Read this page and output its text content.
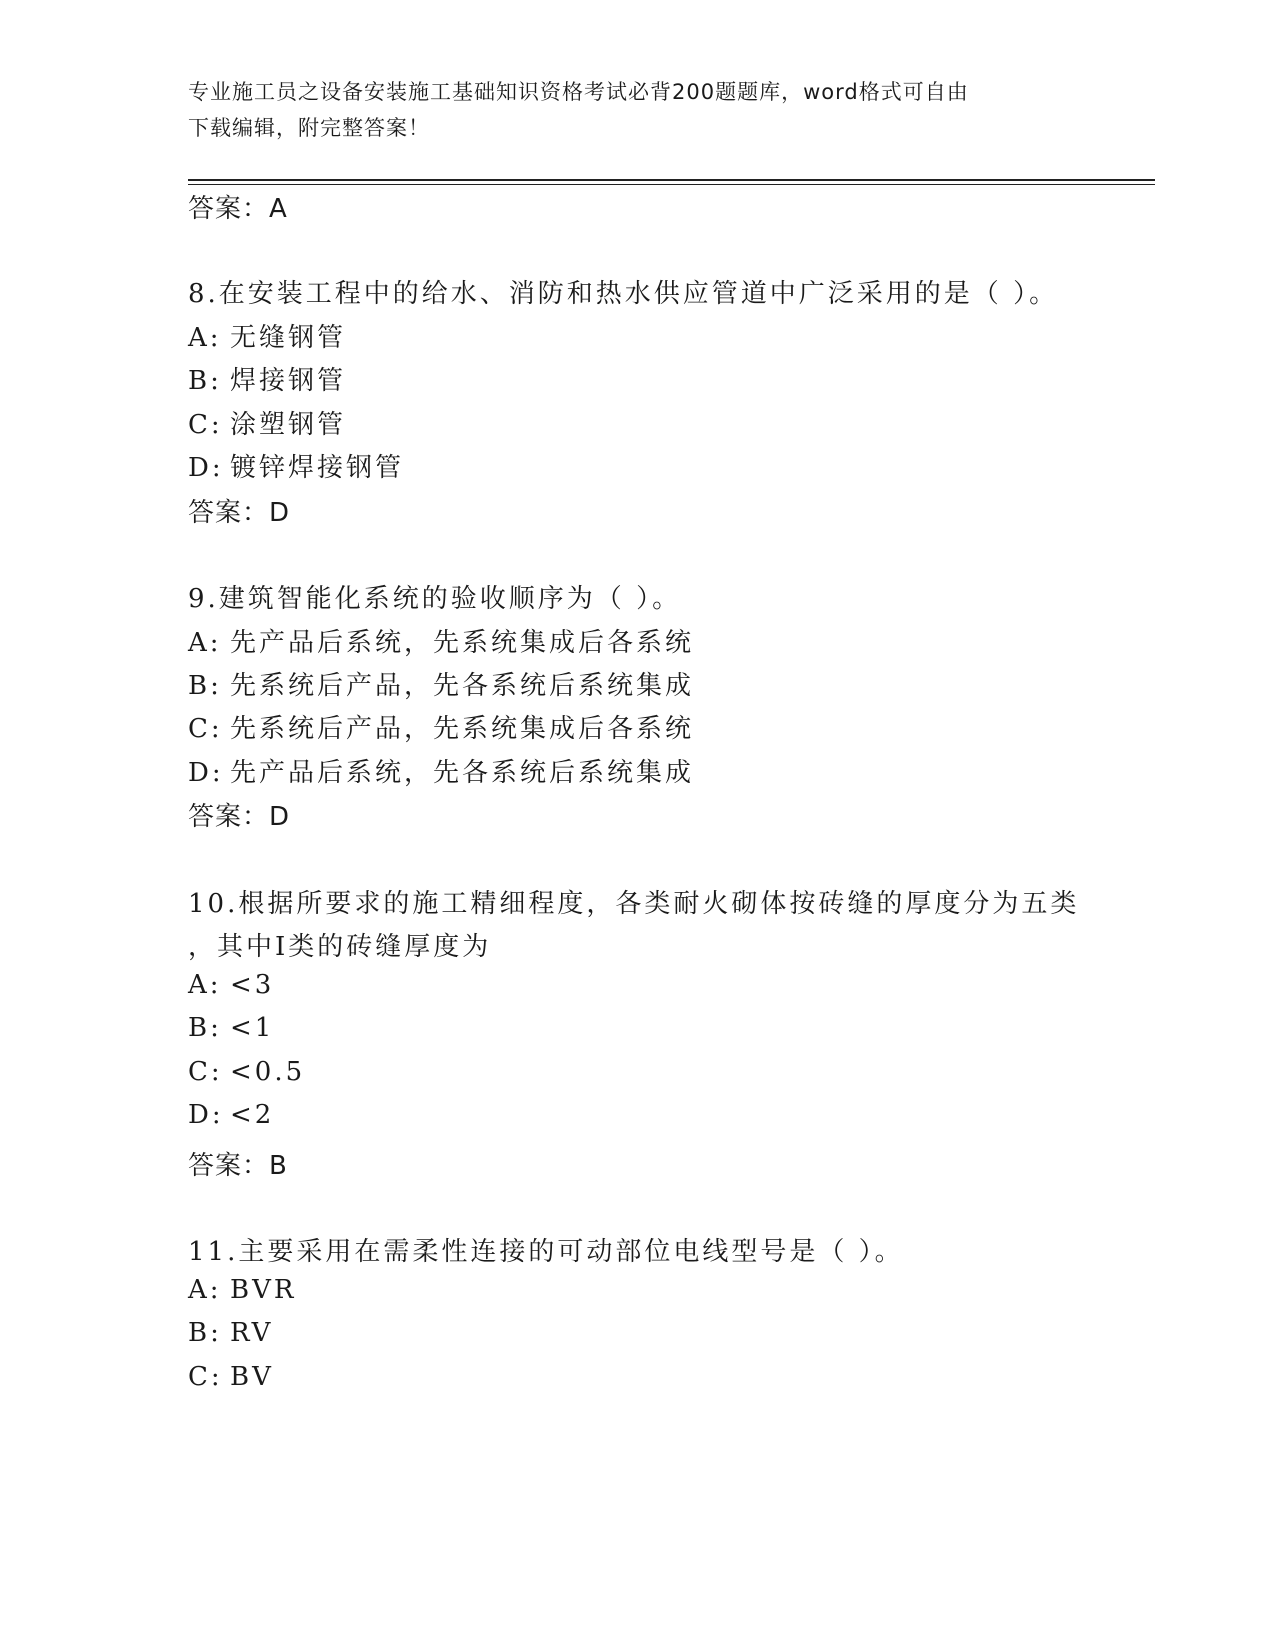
专业施工员之设备安装施工基础知识资格考试必背200题题库，word格式可自由
下载编辑，附完整答案！
答案：A
8.在安装工程中的给水、消防和热水供应管道中广泛采用的是（ ）。
A: 无缝钢管
B: 焊接钢管
C: 涂塑钢管
D: 镀锌焊接钢管
答案：D
9.建筑智能化系统的验收顺序为（ ）。
A: 先产品后系统，先系统集成后各系统
B: 先系统后产品，先各系统后系统集成
C: 先系统后产品，先系统集成后各系统
D: 先产品后系统，先各系统后系统集成
答案：D
10.根据所要求的施工精细程度，各类耐火砌体按砖缝的厚度分为五类
，其中Ⅰ类的砖缝厚度为
A: <3
B: <1
C: <0.5
D: <2
答案：B
11.主要采用在需柔性连接的可动部位电线型号是（ ）。
A: BVR
B: RV
C: BV
